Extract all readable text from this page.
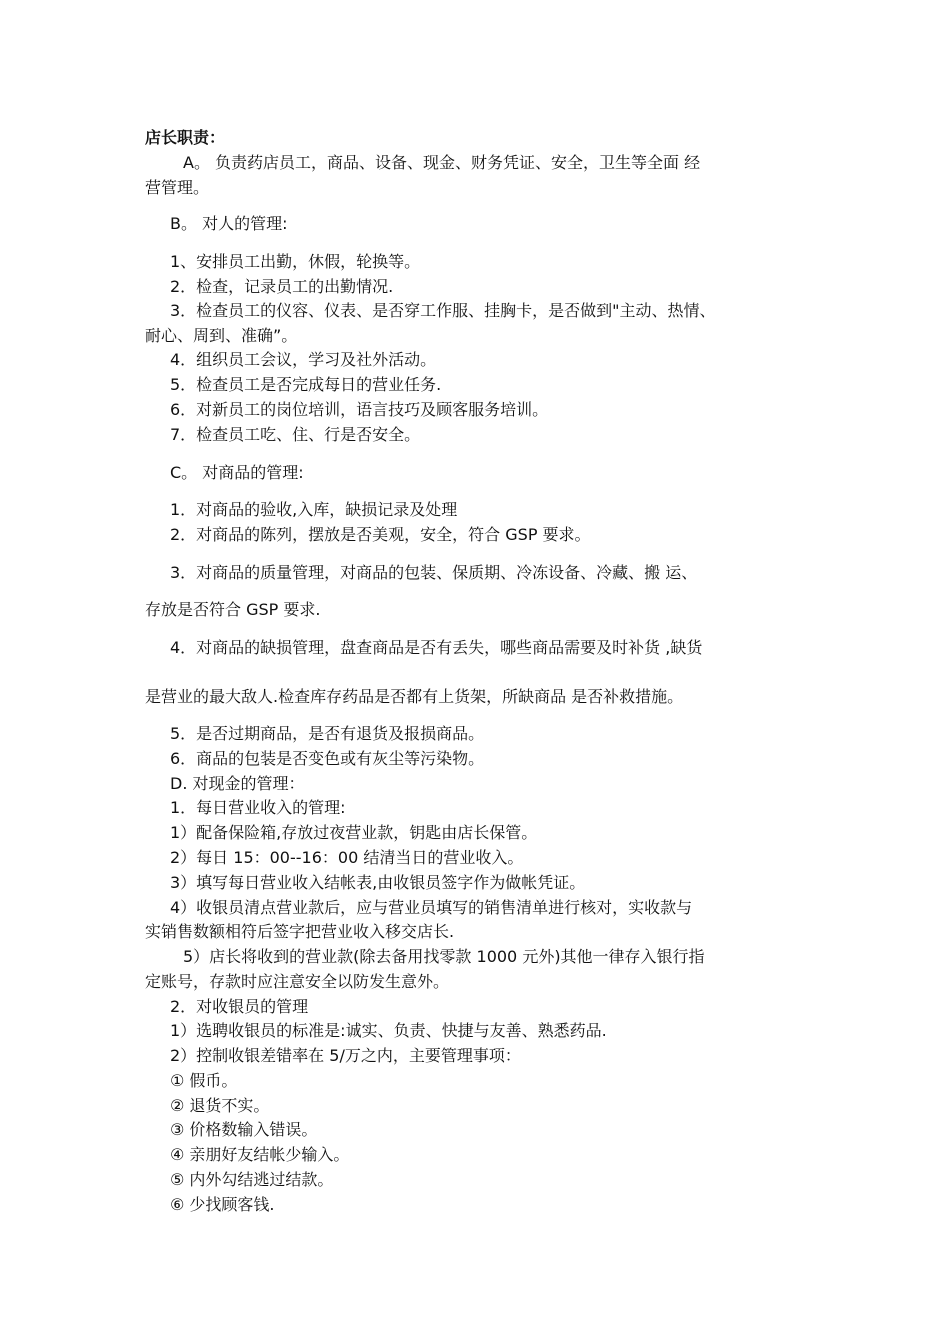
店长职责：
A。 负责药店员工，商品、设备、现金、财务凭证、安全，卫生等全面 经
营管理。
B。 对人的管理:
1、安排员工出勤，休假，轮换等。
2．检查，记录员工的出勤情况.
3．检查员工的仪容、仪表、是否穿工作服、挂胸卡，是否做到"主动、热情、
耐心、周到、准确”。
4．组织员工会议，学习及社外活动。
5．检查员工是否完成每日的营业任务.
6．对新员工的岗位培训，语言技巧及顾客服务培训。
7．检查员工吃、住、行是否安全。
C。 对商品的管理:
1．对商品的验收,入库，缺损记录及处理
2．对商品的陈列，摆放是否美观，安全，符合 GSP 要求。
3．对商品的质量管理，对商品的包装、保质期、冷冻设备、冷藏、搬 运、
存放是否符合 GSP 要求.
4．对商品的缺损管理，盘查商品是否有丢失，哪些商品需要及时补货 ,缺货
是营业的最大敌人.检查库存药品是否都有上货架，所缺商品 是否补救措施。
5．是否过期商品，是否有退货及报损商品。
6．商品的包装是否变色或有灰尘等污染物。
D. 对现金的管理：
1．每日营业收入的管理:
1）配备保险箱,存放过夜营业款，钥匙由店长保管。
2）每日 15：00--16：00 结清当日的营业收入。
3）填写每日营业收入结帐表,由收银员签字作为做帐凭证。
4）收银员清点营业款后，应与营业员填写的销售清单进行核对，实收款与
实销售数额相符后签字把营业收入移交店长.
5）店长将收到的营业款(除去备用找零款 1000 元外)其他一律存入银行指
定账号，存款时应注意安全以防发生意外。
2．对收银员的管理
1）选聘收银员的标准是:诚实、负责、快捷与友善、熟悉药品.
2）控制收银差错率在 5/万之内，主要管理事项：
① 假币。
② 退货不实。
③ 价格数输入错误。
④ 亲朋好友结帐少输入。
⑤ 内外勾结逃过结款。
⑥ 少找顾客钱.
